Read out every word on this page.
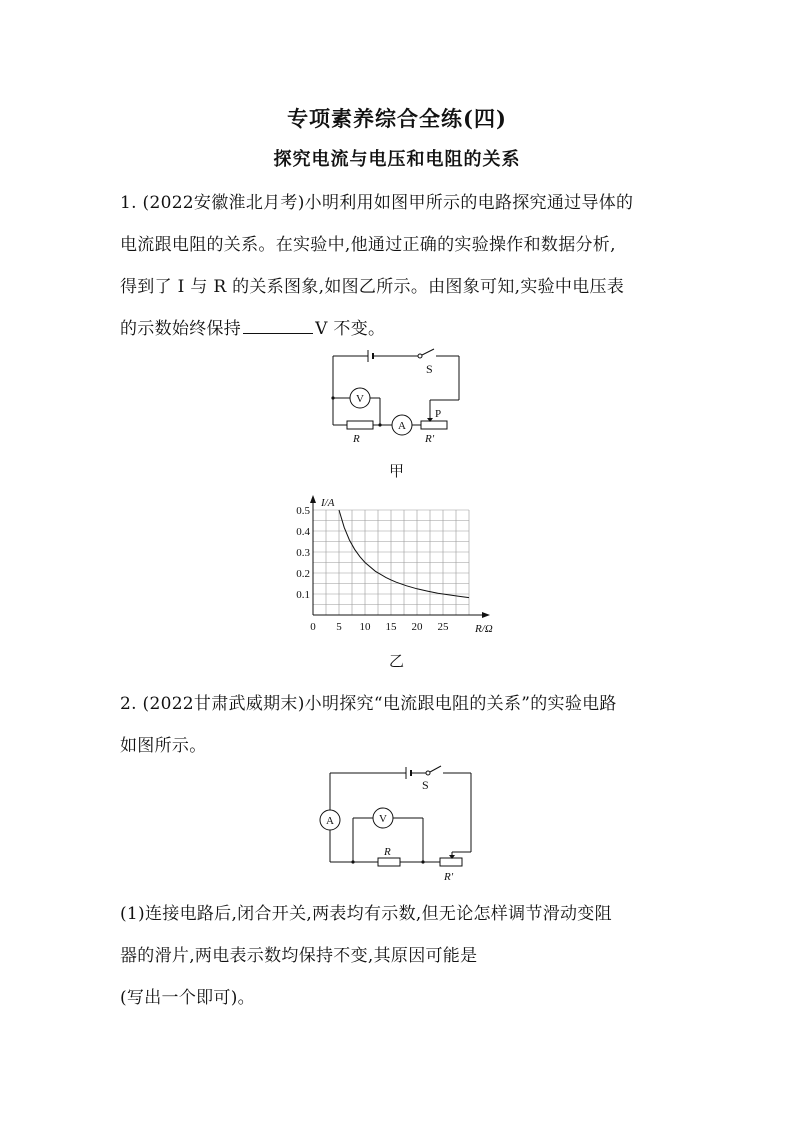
专项素养综合全练(四)
探究电流与电压和电阻的关系
1. (2022安徽淮北月考)小明利用如图甲所示的电路探究通过导体的
电流跟电阻的关系。在实验中,他通过正确的实验操作和数据分析,
得到了 I 与 R 的关系图象,如图乙所示。由图象可知,实验中电压表
的示数始终保持	V 不变。
S
V
A
R	R′
P
甲
0 5 10 15 20 25
0.1
0.2
0.3
0.4
0.5
I/A
R/Ω
乙
2. (2022甘肃武威期末)小明探究“电流跟电阻的关系”的实验电路
如图所示。
S
A	V
R
R′
(1)连接电路后,闭合开关,两表均有示数,但无论怎样调节滑动变阻
器的滑片,两电表示数均保持不变,其原因可能是
(写出一个即可)。
